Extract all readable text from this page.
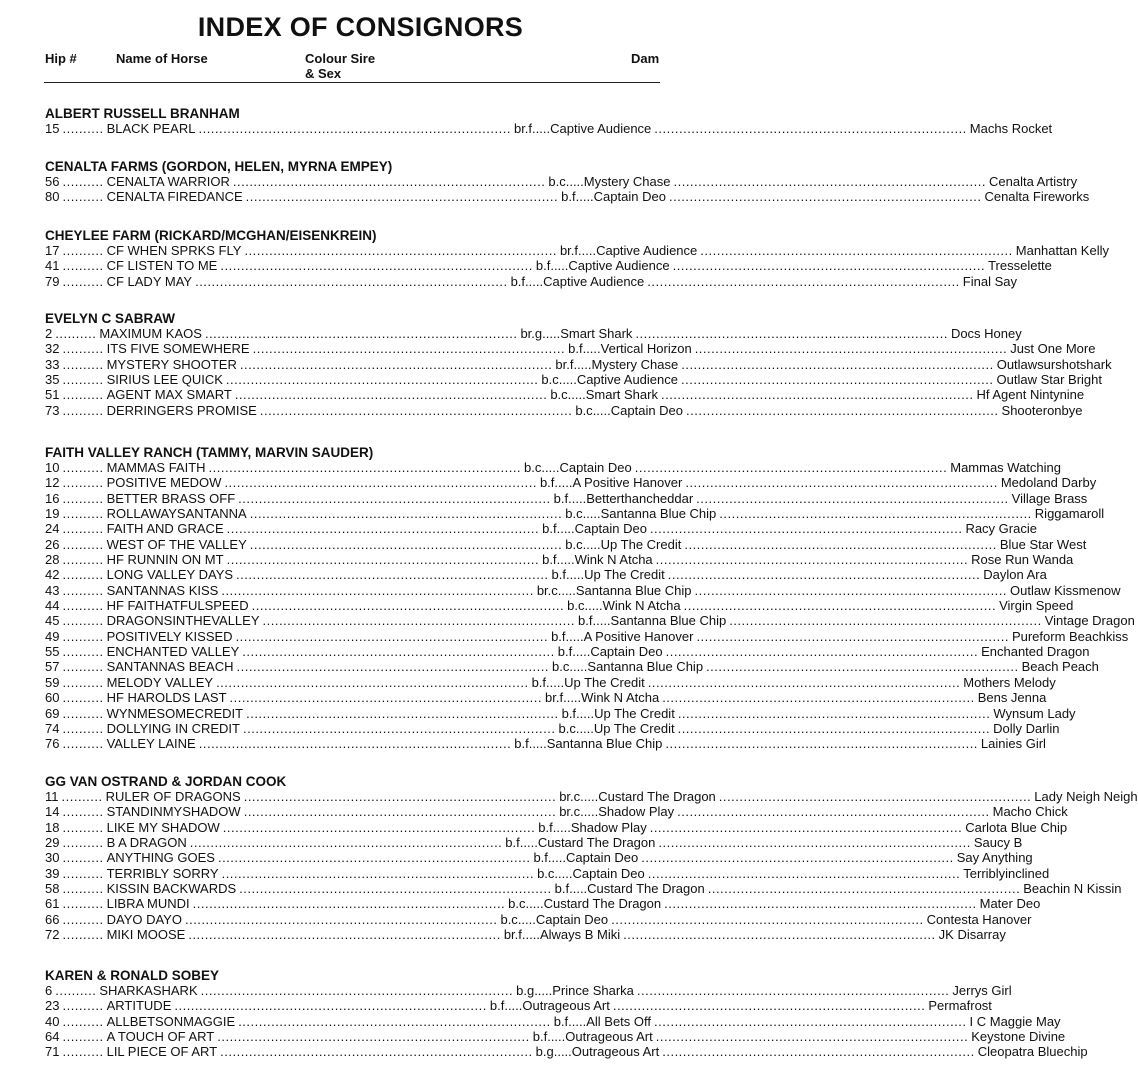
INDEX OF CONSIGNORS
Hip #	Name of Horse	Colour Sire
& Sex
Dam
ALBERT RUSSELL BRANHAM
15 .......... BLACK PEARL ............................................................................ br.f ..... Captive Audience ............................................................................ Machs Rocket
CENALTA FARMS (GORDON, HELEN, MYRNA EMPEY)
56 .......... CENALTA WARRIOR ............................................................................ b.c ..... Mystery Chase ............................................................................ Cenalta Artistry
80 .......... CENALTA FIREDANCE ............................................................................ b.f ..... Captain Deo ............................................................................ Cenalta Fireworks
CHEYLEE FARM (RICKARD/MCGHAN/EISENKREIN)
17 .......... CF WHEN SPRKS FLY ............................................................................ br.f ..... Captive Audience ............................................................................ Manhattan Kelly
41 .......... CF LISTEN TO ME ............................................................................ b.f ..... Captive Audience ............................................................................ Tresselette
79 .......... CF LADY MAY ............................................................................ b.f ..... Captive Audience ............................................................................ Final Say
EVELYN C SABRAW
2 .......... MAXIMUM KAOS ............................................................................ br.g ..... Smart Shark ............................................................................ Docs Honey
32 .......... ITS FIVE SOMEWHERE ............................................................................ b.f ..... Vertical Horizon ............................................................................ Just One More
33 .......... MYSTERY SHOOTER ............................................................................ br.f ..... Mystery Chase ............................................................................ Outlawsurshotshark
35 .......... SIRIUS LEE QUICK ............................................................................ b.c ..... Captive Audience ............................................................................ Outlaw Star Bright
51 .......... AGENT MAX SMART ............................................................................ b.c ..... Smart Shark ............................................................................ Hf Agent Nintynine
73 .......... DERRINGERS PROMISE ............................................................................ b.c ..... Captain Deo ............................................................................ Shooteronbye
FAITH VALLEY RANCH (TAMMY, MARVIN SAUDER)
10 .......... MAMMAS FAITH ............................................................................ b.c ..... Captain Deo ............................................................................ Mammas Watching
12 .......... POSITIVE MEDOW ............................................................................ b.f ..... A Positive Hanover ............................................................................ Medoland Darby
16 .......... BETTER BRASS OFF ............................................................................ b.f ..... Betterthancheddar ............................................................................ Village Brass
19 .......... ROLLAWAYSANTANNA ............................................................................ b.c ..... Santanna Blue Chip ............................................................................ Riggamaroll
24 .......... FAITH AND GRACE ............................................................................ b.f ..... Captain Deo ............................................................................ Racy Gracie
26 .......... WEST OF THE VALLEY ............................................................................ b.c ..... Up The Credit ............................................................................ Blue Star West
28 .......... HF RUNNIN ON MT ............................................................................ b.f ..... Wink N Atcha ............................................................................ Rose Run Wanda
42 .......... LONG VALLEY DAYS ............................................................................ b.f ..... Up The Credit ............................................................................ Daylon Ara
43 .......... SANTANNAS KISS ............................................................................ br.c ..... Santanna Blue Chip ............................................................................ Outlaw Kissmenow
44 .......... HF FAITHATFULSPEED ............................................................................ b.c ..... Wink N Atcha ............................................................................ Virgin Speed
45 .......... DRAGONSINTHEVALLEY ............................................................................ b.f ..... Santanna Blue Chip ............................................................................ Vintage Dragon
49 .......... POSITIVELY KISSED ............................................................................ b.f ..... A Positive Hanover ............................................................................ Pureform Beachkiss
55 .......... ENCHANTED VALLEY ............................................................................ b.f ..... Captain Deo ............................................................................ Enchanted Dragon
57 .......... SANTANNAS BEACH ............................................................................ b.c ..... Santanna Blue Chip ............................................................................ Beach Peach
59 .......... MELODY VALLEY ............................................................................ b.f ..... Up The Credit ............................................................................ Mothers Melody
60 .......... HF HAROLDS LAST ............................................................................ br.f ..... Wink N Atcha ............................................................................ Bens Jenna
69 .......... WYNMESOMECREDIT ............................................................................ b.f ..... Up The Credit ............................................................................ Wynsum Lady
74 .......... DOLLYING IN CREDIT ............................................................................ b.c ..... Up The Credit ............................................................................ Dolly Darlin
76 .......... VALLEY LAINE ............................................................................ b.f ..... Santanna Blue Chip ............................................................................ Lainies Girl
GG VAN OSTRAND & JORDAN COOK
11 .......... RULER OF DRAGONS ............................................................................ br.c ..... Custard The Dragon ............................................................................ Lady Neigh Neigh
14 .......... STANDINMYSHADOW ............................................................................ br.c ..... Shadow Play ............................................................................ Macho Chick
18 .......... LIKE MY SHADOW ............................................................................ b.f ..... Shadow Play ............................................................................ Carlota Blue Chip
29 .......... B A DRAGON ............................................................................ b.f ..... Custard The Dragon ............................................................................ Saucy B
30 .......... ANYTHING GOES ............................................................................ b.f ..... Captain Deo ............................................................................ Say Anything
39 .......... TERRIBLY SORRY ............................................................................ b.c ..... Captain Deo ............................................................................ Terriblyinclined
58 .......... KISSIN BACKWARDS ............................................................................ b.f ..... Custard The Dragon ............................................................................ Beachin N Kissin
61 .......... LIBRA MUNDI ............................................................................ b.c ..... Custard The Dragon ............................................................................ Mater Deo
66 .......... DAYO DAYO ............................................................................ b.c ..... Captain Deo ............................................................................ Contesta Hanover
72 .......... MIKI MOOSE ............................................................................ br.f ..... Always B Miki ............................................................................ JK Disarray
KAREN & RONALD SOBEY
6 .......... SHARKASHARK ............................................................................ b.g ..... Prince Sharka ............................................................................ Jerrys Girl
23 .......... ARTITUDE ............................................................................ b.f ..... Outrageous Art ............................................................................ Permafrost
40 .......... ALLBETSONMAGGIE ............................................................................ b.f ..... All Bets Off ............................................................................ I C Maggie May
64 .......... A TOUCH OF ART ............................................................................ b.f ..... Outrageous Art ............................................................................ Keystone Divine
71 .......... LIL PIECE OF ART ............................................................................ b.g ..... Outrageous Art ............................................................................ Cleopatra Bluechip
